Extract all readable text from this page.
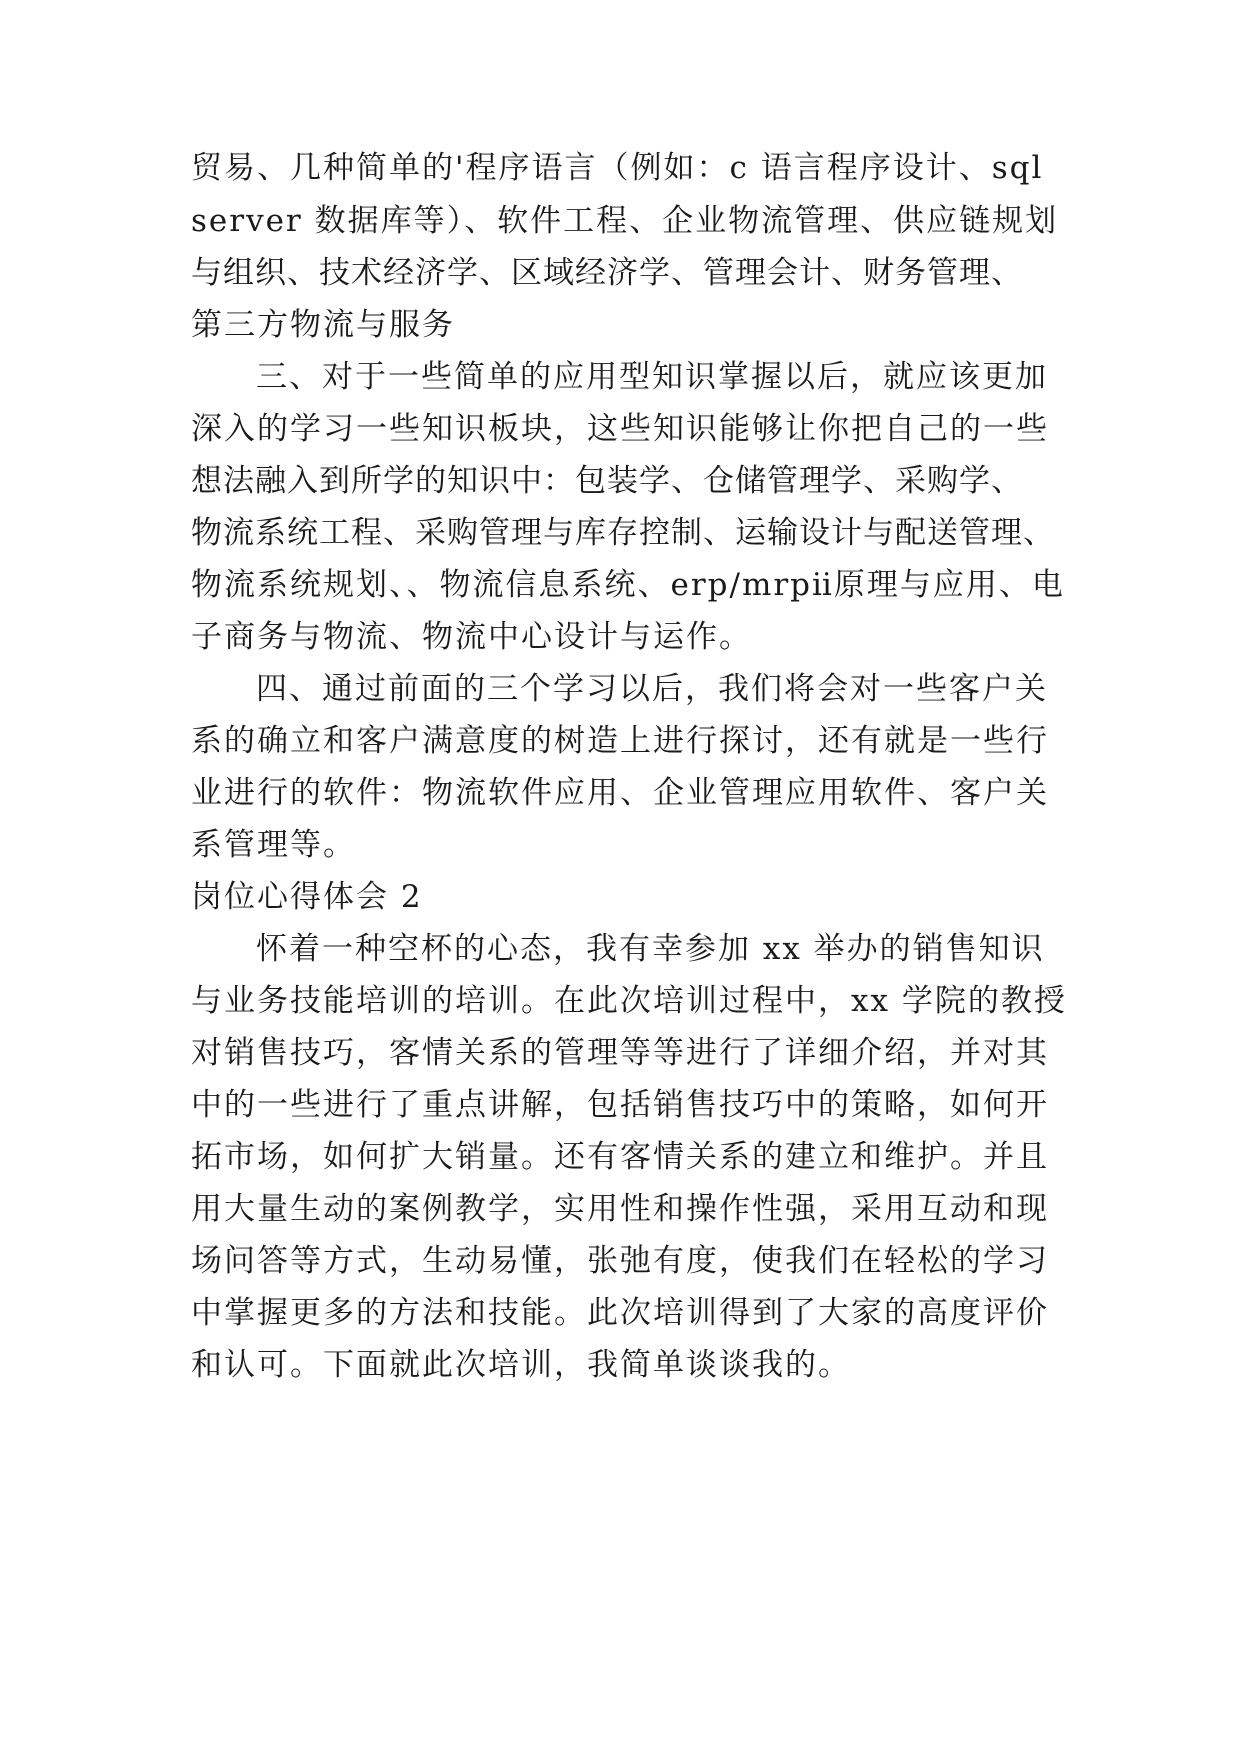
贸易、几种简单的'程序语言（例如：c 语言程序设计、sql
server 数据库等）、软件工程、企业物流管理、供应链规划
与组织、技术经济学、区域经济学、管理会计、财务管理、
第三方物流与服务
三、对于一些简单的应用型知识掌握以后，就应该更加
深入的学习一些知识板块，这些知识能够让你把自己的一些
想法融入到所学的知识中：包装学、仓储管理学、采购学、
物流系统工程、采购管理与库存控制、运输设计与配送管理、
物流系统规划、、物流信息系统、erp/mrpⅱ原理与应用、电
子商务与物流、物流中心设计与运作。
四、通过前面的三个学习以后，我们将会对一些客户关
系的确立和客户满意度的树造上进行探讨，还有就是一些行
业进行的软件：物流软件应用、企业管理应用软件、客户关
系管理等。
岗位心得体会 2
怀着一种空杯的心态，我有幸参加 xx 举办的销售知识
与业务技能培训的培训。在此次培训过程中，xx 学院的教授
对销售技巧，客情关系的管理等等进行了详细介绍，并对其
中的一些进行了重点讲解，包括销售技巧中的策略，如何开
拓市场，如何扩大销量。还有客情关系的建立和维护。并且
用大量生动的案例教学，实用性和操作性强，采用互动和现
场问答等方式，生动易懂，张弛有度，使我们在轻松的学习
中掌握更多的方法和技能。此次培训得到了大家的高度评价
和认可。下面就此次培训，我简单谈谈我的。
